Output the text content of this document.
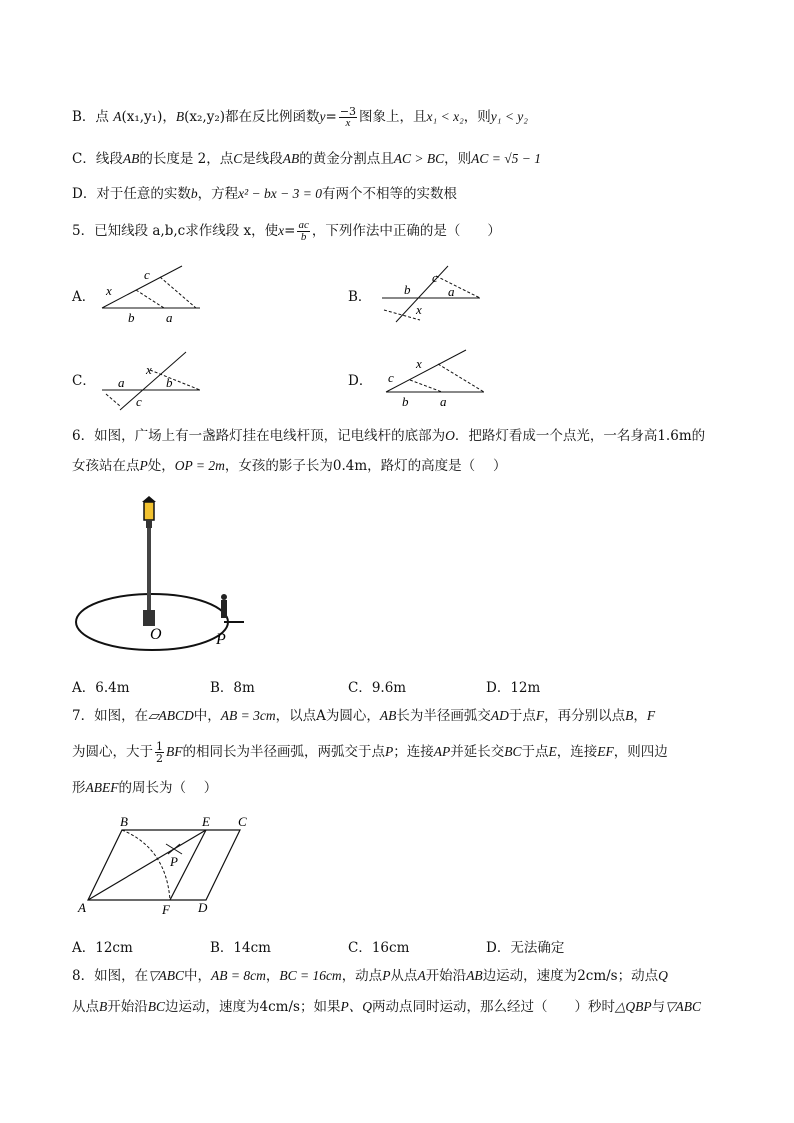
B．点 A(x₁,y₁)，B(x₂,y₂)都在反比例函数$y= \frac{-3}{x}$ 图象上，且x₁ < x₂，则y₁ < y₂
C．线段AB的长度是 2，点C是线段AB的黄金分割点且AC > BC，则AC = √5 − 1
D．对于任意的实数b，方程x² − bx − 3 = 0有两个不相等的实数根
5．已知线段 a,b,c求作线段 x，使$x= \frac{ac}{b}$ ，下列作法中正确的是（　　）
A． x
c
b a
B．	b
c
a
x
C． a
x
b
c
D． c
x
b a
6．如图，广场上有一盏路灯挂在电线杆顶，记电线杆的底部为O．把路灯看成一个点光，一名身高1.6m的
女孩站在点P处，OP = 2m，女孩的影子长为0.4m，路灯的高度是（　 ）
O	P
A．6.4m	B．8m	C．9.6m	D．12m
7．如图，在▱ABCD中，AB = 3cm，以点A为圆心，AB长为半径画弧交AD于点F，再分别以点B，F
为圆心，大于 $\frac{1}{2}$ BF的相同长为半径画弧，两弧交于点P；连接AP并延长交BC于点E，连接EF，则四边
形ABEF的周长为（　 ）
A
B	C
D
E
F
P
A．12cm	B．14cm	C．16cm	D．无法确定
8．如图，在▽ABC中，AB = 8cm，BC = 16cm，动点P从点A开始沿AB边运动，速度为2cm/s；动点Q
从点B开始沿BC边运动，速度为4cm/s；如果P、Q两动点同时运动，那么经过（　　）秒时△QBP与▽ABC
